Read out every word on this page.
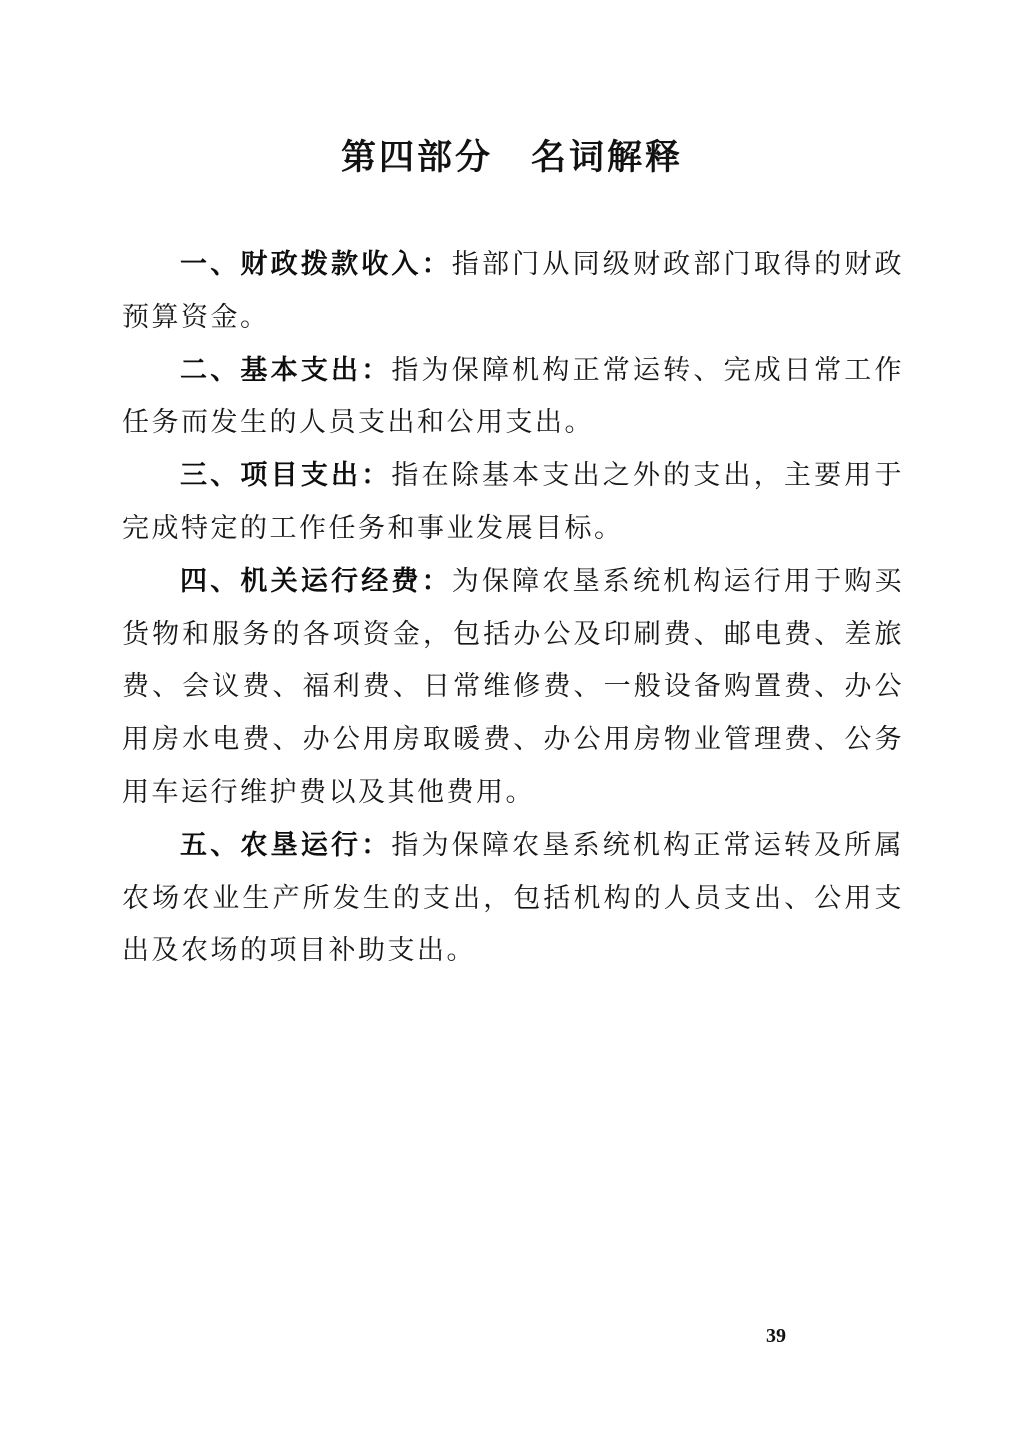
第四部分　名词解释

一、财政拨款收入：指部门从同级财政部门取得的财政预算资金。

二、基本支出：指为保障机构正常运转、完成日常工作任务而发生的人员支出和公用支出。

三、项目支出：指在除基本支出之外的支出，主要用于完成特定的工作任务和事业发展目标。

四、机关运行经费：为保障农垦系统机构运行用于购买货物和服务的各项资金，包括办公及印刷费、邮电费、差旅费、会议费、福利费、日常维修费、一般设备购置费、办公用房水电费、办公用房取暖费、办公用房物业管理费、公务用车运行维护费以及其他费用。

五、农垦运行：指为保障农垦系统机构正常运转及所属农场农业生产所发生的支出，包括机构的人员支出、公用支出及农场的项目补助支出。

39
